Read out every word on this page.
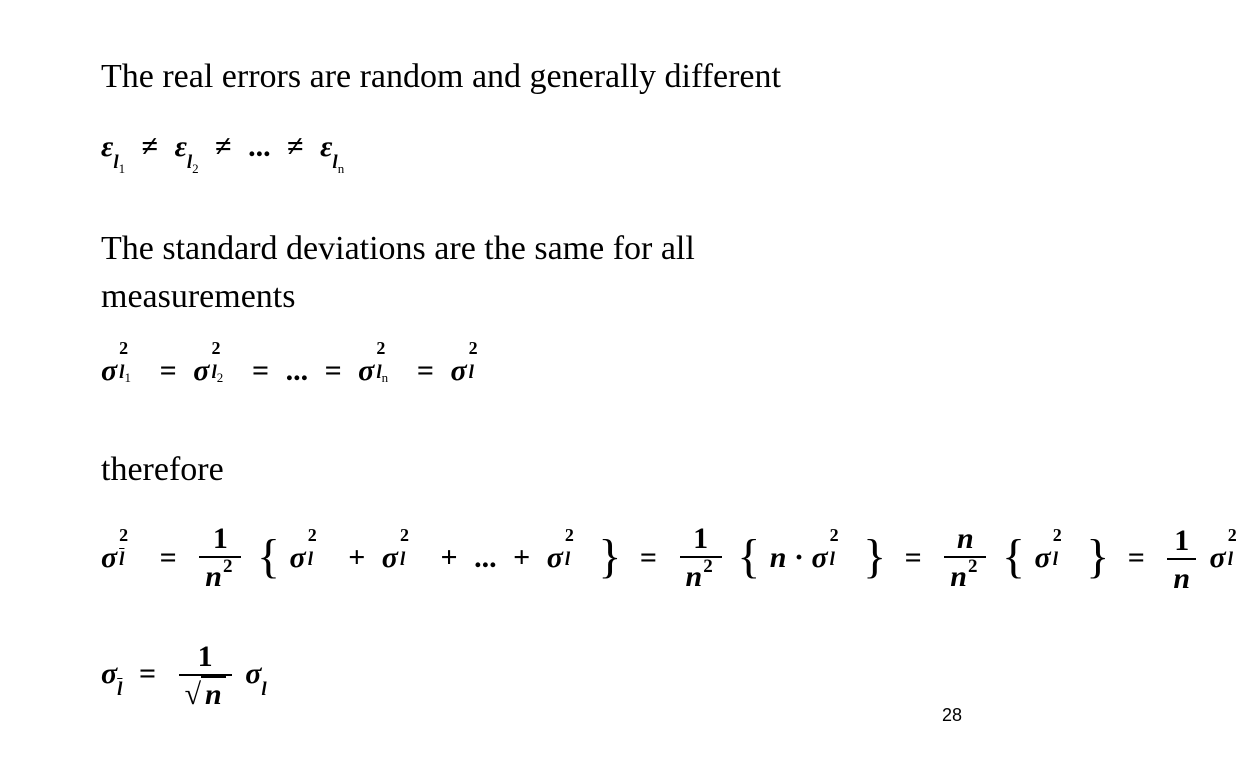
The real errors are random and generally different
$\varepsilon_{l_1} \ne \varepsilon_{l_2}$ ≠ ... ≠ $\varepsilon_{l_n}$
The standard deviations are the same for all
measurements
σ
2
$l_1 = \sigma$
2
$l_2$ = ... = σ
2
$l_n = \sigma$
2
l
therefore
σ $\frac{2}{l} = \frac{1}{n^2}$ { σ
2
l + σ
2
l + ... + σ
2
l } = $\frac{1}{n^2}$ { n · σ
2
l } = $\frac{n}{n^2}$ { σ
2
l } = $\frac{1}{n}$ σ
2
l
$\sigma_{\overline{l}} = \frac{1}{√ n} \sigma_l$
28
